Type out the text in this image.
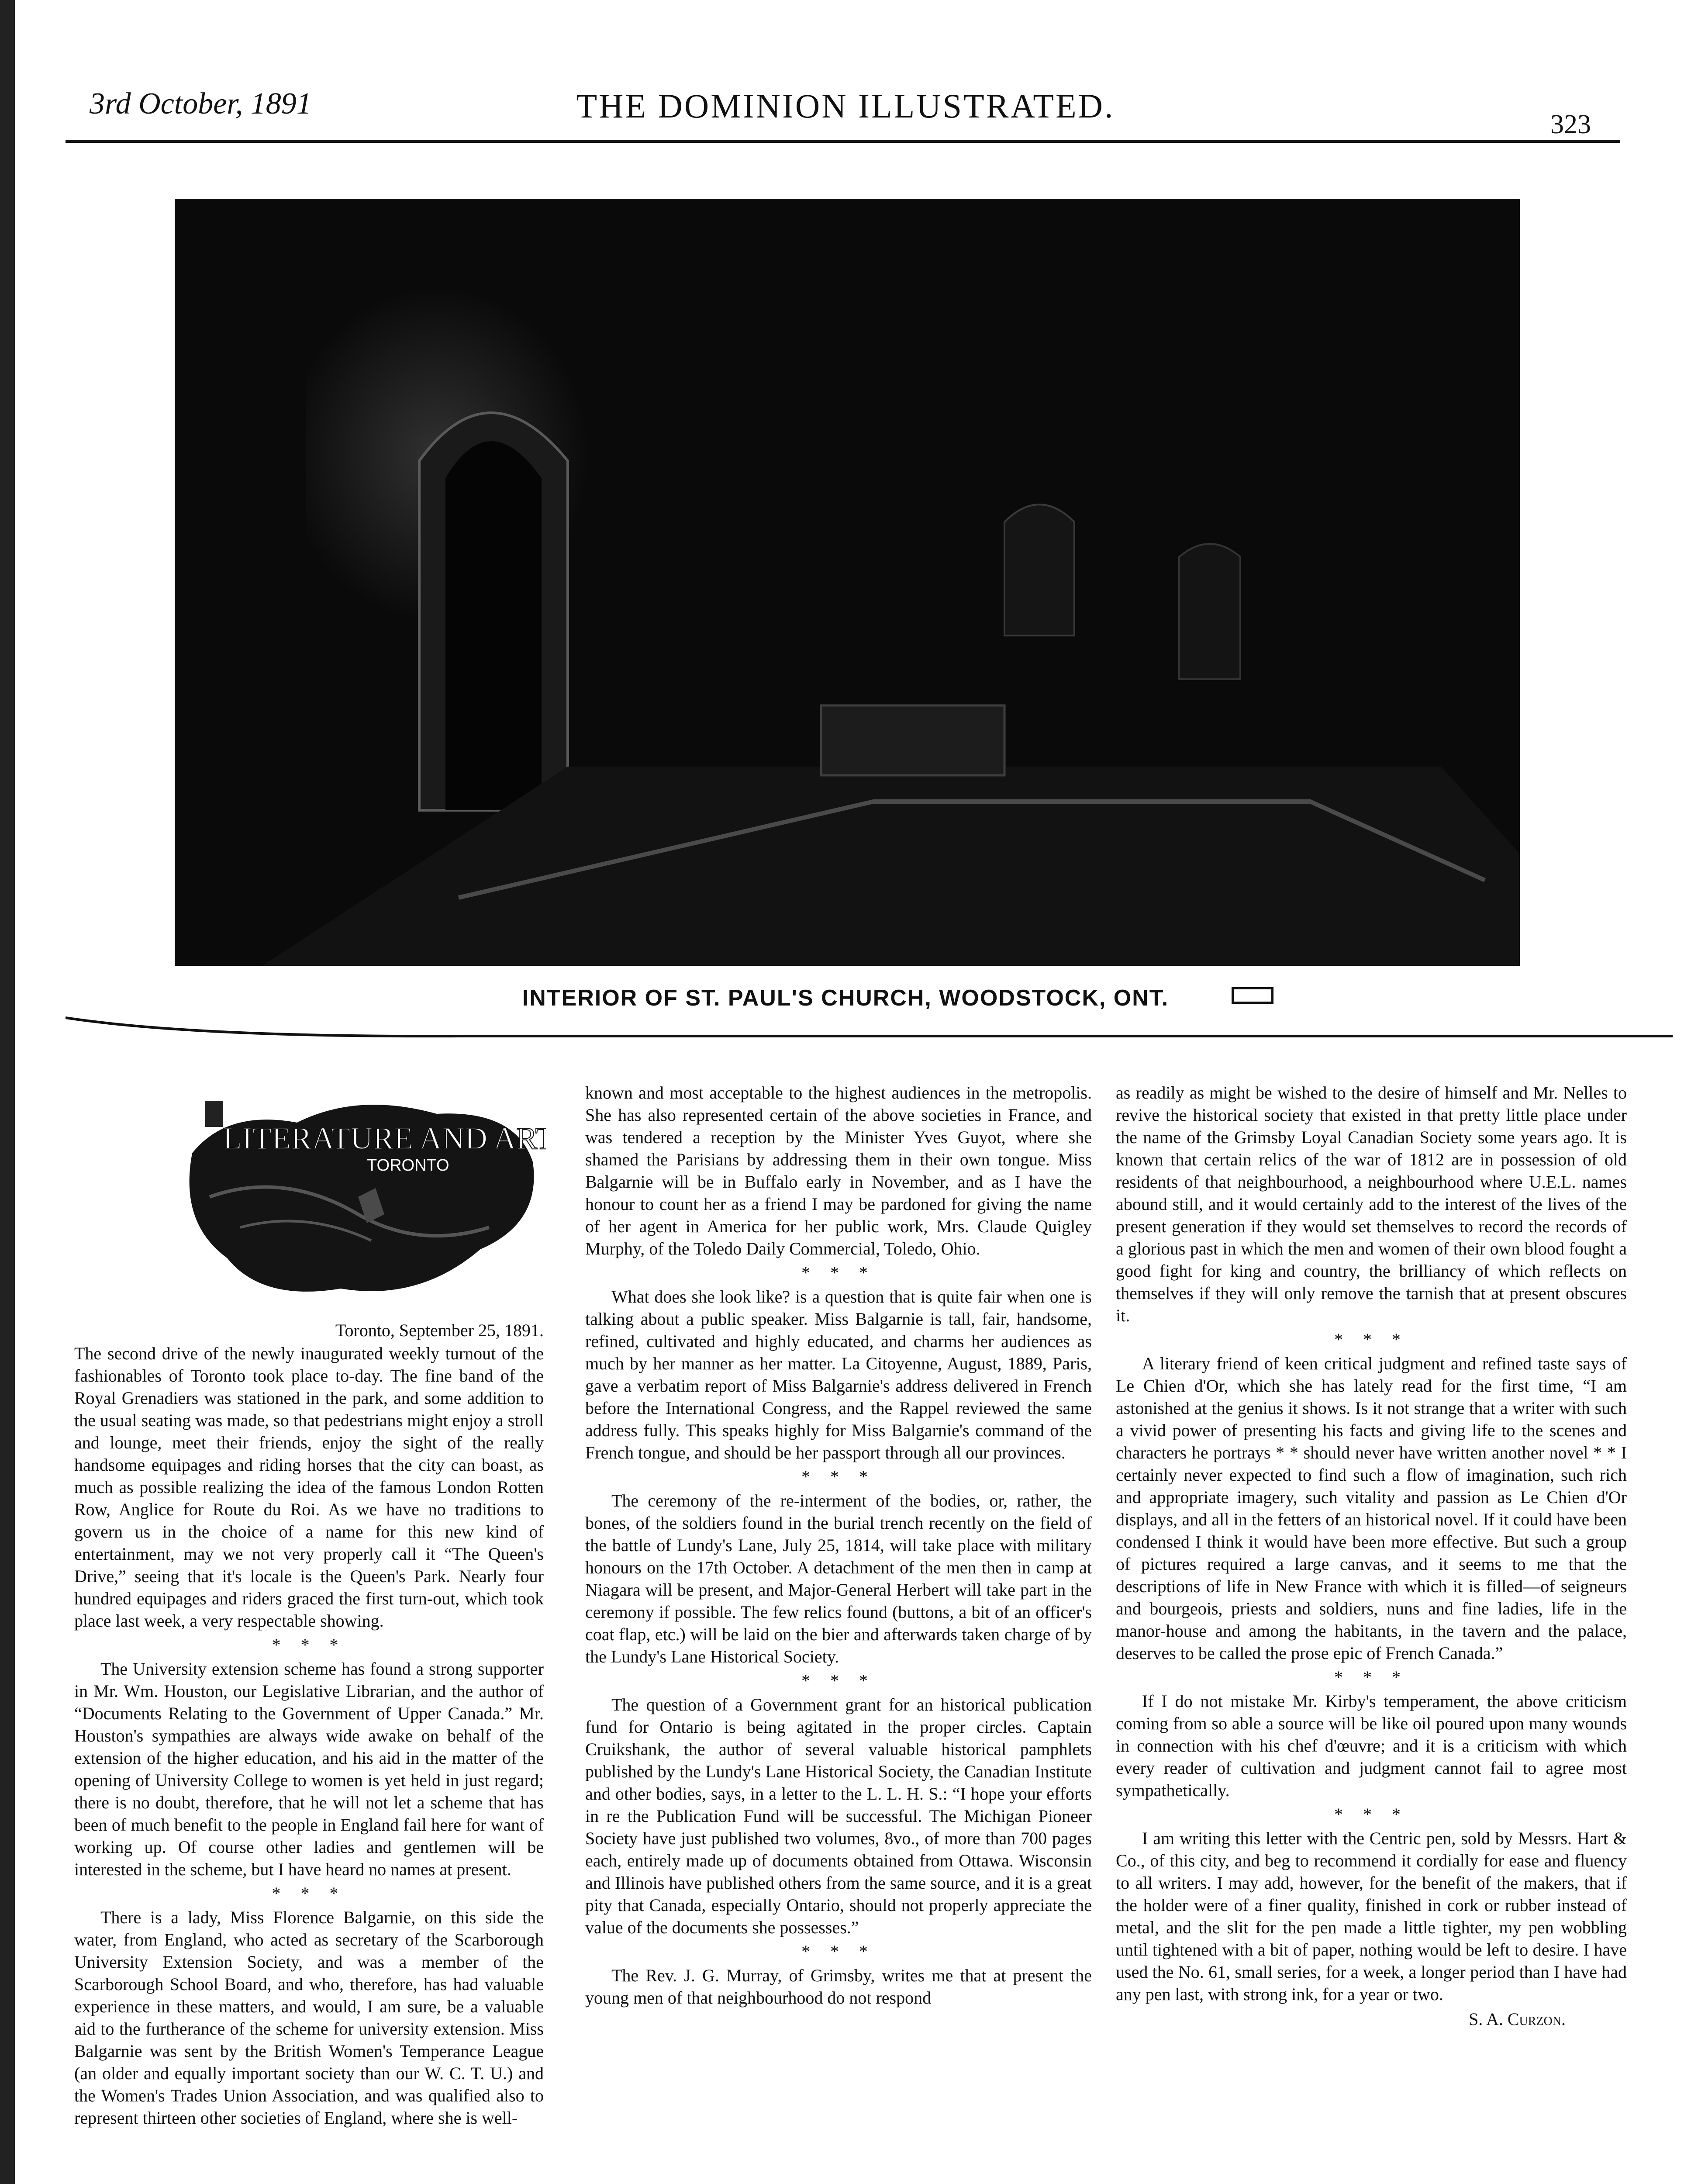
3rd October, 1891	THE DOMINION ILLUSTRATED.	323
INTERIOR OF ST. PAUL'S CHURCH, WOODSTOCK, ONT.
LITERATURE AND ART
TORONTO
Toronto, September 25, 1891.

The second drive of the newly inaugurated weekly turnout of the fashionables of Toronto took place to-day. The fine band of the Royal Grenadiers was stationed in the park, and some addition to the usual seating was made, so that pedestrians might enjoy a stroll and lounge, meet their friends, enjoy the sight of the really handsome equipages and riding horses that the city can boast, as much as possible realizing the idea of the famous London Rotten Row, Anglice for Route du Roi. As we have no traditions to govern us in the choice of a name for this new kind of entertainment, may we not very properly call it “The Queen's Drive,” seeing that it's locale is the Queen's Park. Nearly four hundred equipages and riders graced the first turn-out, which took place last week, a very respectable showing.

* * *

The University extension scheme has found a strong supporter in Mr. Wm. Houston, our Legislative Librarian, and the author of “Documents Relating to the Government of Upper Canada.” Mr. Houston's sympathies are always wide awake on behalf of the extension of the higher education, and his aid in the matter of the opening of University College to women is yet held in just regard; there is no doubt, therefore, that he will not let a scheme that has been of much benefit to the people in England fail here for want of working up. Of course other ladies and gentlemen will be interested in the scheme, but I have heard no names at present.

* * *

There is a lady, Miss Florence Balgarnie, on this side the water, from England, who acted as secretary of the Scarborough University Extension Society, and was a member of the Scarborough School Board, and who, therefore, has had valuable experience in these matters, and would, I am sure, be a valuable aid to the furtherance of the scheme for university extension. Miss Balgarnie was sent by the British Women's Temperance League (an older and equally important society than our W. C. T. U.) and the Women's Trades Union Association, and was qualified also to represent thirteen other societies of England, where she is well-

known and most acceptable to the highest audiences in the metropolis. She has also represented certain of the above societies in France, and was tendered a reception by the Minister Yves Guyot, where she shamed the Parisians by addressing them in their own tongue. Miss Balgarnie will be in Buffalo early in November, and as I have the honour to count her as a friend I may be pardoned for giving the name of her agent in America for her public work, Mrs. Claude Quigley Murphy, of the Toledo Daily Commercial, Toledo, Ohio.

* * *

What does she look like? is a question that is quite fair when one is talking about a public speaker. Miss Balgarnie is tall, fair, handsome, refined, cultivated and highly educated, and charms her audiences as much by her manner as her matter. La Citoyenne, August, 1889, Paris, gave a verbatim report of Miss Balgarnie's address delivered in French before the International Congress, and the Rappel reviewed the same address fully. This speaks highly for Miss Balgarnie's command of the French tongue, and should be her passport through all our provinces.

* * *

The ceremony of the re-interment of the bodies, or, rather, the bones, of the soldiers found in the burial trench recently on the field of the battle of Lundy's Lane, July 25, 1814, will take place with military honours on the 17th October. A detachment of the men then in camp at Niagara will be present, and Major-General Herbert will take part in the ceremony if possible. The few relics found (buttons, a bit of an officer's coat flap, etc.) will be laid on the bier and afterwards taken charge of by the Lundy's Lane Historical Society.

* * *

The question of a Government grant for an historical publication fund for Ontario is being agitated in the proper circles. Captain Cruikshank, the author of several valuable historical pamphlets published by the Lundy's Lane Historical Society, the Canadian Institute and other bodies, says, in a letter to the L. L. H. S.: “I hope your efforts in re the Publication Fund will be successful. The Michigan Pioneer Society have just published two volumes, 8vo., of more than 700 pages each, entirely made up of documents obtained from Ottawa. Wisconsin and Illinois have published others from the same source, and it is a great pity that Canada, especially Ontario, should not properly appreciate the value of the documents she possesses.”

* * *

The Rev. J. G. Murray, of Grimsby, writes me that at present the young men of that neighbourhood do not respond

as readily as might be wished to the desire of himself and Mr. Nelles to revive the historical society that existed in that pretty little place under the name of the Grimsby Loyal Canadian Society some years ago. It is known that certain relics of the war of 1812 are in possession of old residents of that neighbourhood, a neighbourhood where U.E.L. names abound still, and it would certainly add to the interest of the lives of the present generation if they would set themselves to record the records of a glorious past in which the men and women of their own blood fought a good fight for king and country, the brilliancy of which reflects on themselves if they will only remove the tarnish that at present obscures it.

* * *

A literary friend of keen critical judgment and refined taste says of Le Chien d'Or, which she has lately read for the first time, “I am astonished at the genius it shows. Is it not strange that a writer with such a vivid power of presenting his facts and giving life to the scenes and characters he portrays * * should never have written another novel * * I certainly never expected to find such a flow of imagination, such rich and appropriate imagery, such vitality and passion as Le Chien d'Or displays, and all in the fetters of an historical novel. If it could have been condensed I think it would have been more effective. But such a group of pictures required a large canvas, and it seems to me that the descriptions of life in New France with which it is filled—of seigneurs and bourgeois, priests and soldiers, nuns and fine ladies, life in the manor-house and among the habitants, in the tavern and the palace, deserves to be called the prose epic of French Canada.”

* * *

If I do not mistake Mr. Kirby's temperament, the above criticism coming from so able a source will be like oil poured upon many wounds in connection with his chef d'œuvre; and it is a criticism with which every reader of cultivation and judgment cannot fail to agree most sympathetically.

* * *

I am writing this letter with the Centric pen, sold by Messrs. Hart & Co., of this city, and beg to recommend it cordially for ease and fluency to all writers. I may add, however, for the benefit of the makers, that if the holder were of a finer quality, finished in cork or rubber instead of metal, and the slit for the pen made a little tighter, my pen wobbling until tightened with a bit of paper, nothing would be left to desire. I have used the No. 61, small series, for a week, a longer period than I have had any pen last, with strong ink, for a year or two.

S. A. Curzon.
